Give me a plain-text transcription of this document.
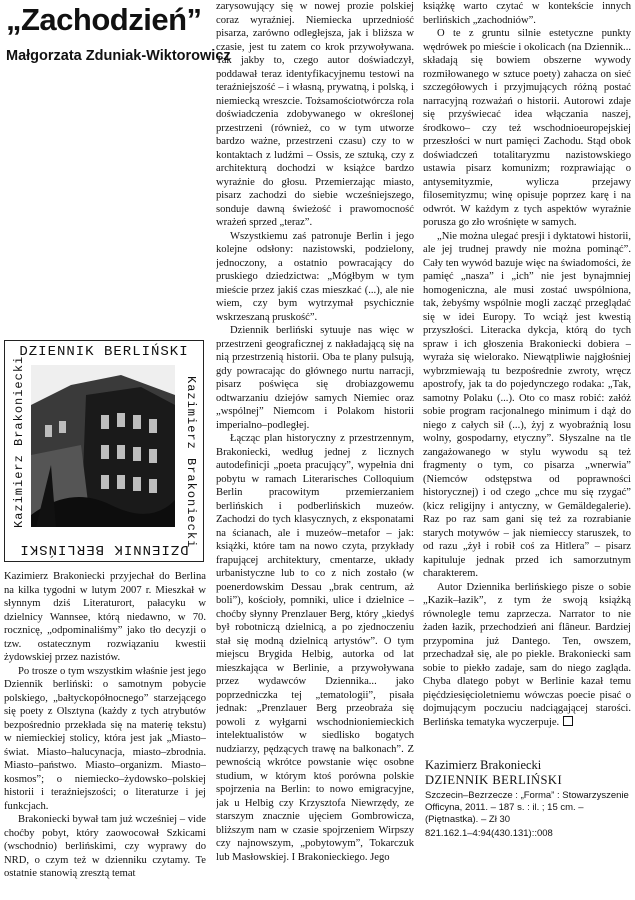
„Zachodzień”
Małgorzata Zduniak-Wiktorowicz
DZIENNIK BERLIŃSKI
Kazimierz Brakoniecki	Kazimierz Brakoniecki
DZIENNIK BERLIŃSKI

Kazimierz Brakoniecki przyjechał do Berlina na kilka tygodni w lutym 2007 r. Mieszkał w słynnym dziś Literaturort, pałacyku w dzielnicy Wannsee, którą niedawno, w 70. rocznicę, „odpominaliśmy” jako tło decyzji o tzw. ostatecznym rozwiązaniu kwestii żydowskiej przez nazistów.

Po trosze o tym wszystkim właśnie jest jego Dziennik berliński: o samotnym pobycie polskiego, „bałtyckopółnocnego” starzejącego się poety z Olsztyna (każdy z tych atrybutów bezpośrednio przekłada się na materię tekstu) w niemieckiej stolicy, która jest jak „Miasto–świat. Miasto–halucynacja, miasto–zbrodnia. Miasto–państwo. Miasto–organizm. Miasto–kosmos”; o niemiecko–żydowsko–polskiej historii i teraźniejszości; o literaturze i jej funkcjach.

Brakoniecki bywał tam już wcześniej – vide choćby pobyt, który zaowocował Szkicami (wschodnio) berlińskimi, czy wyprawy do NRD, o czym też w dzienniku czytamy. Te ostatnie stanowią zresztą temat

zarysowujący się w nowej prozie polskiej coraz wyraźniej. Niemiecka uprzedniość pisarza, zarówno odległejsza, jak i bliższa w czasie, jest tu zatem co krok przywoływana. Tak jakby to, czego autor doświadczył, poddawał teraz identyfikacyjnemu testowi na teraźniejszość – i własną, prywatną, i polską, i niemiecką wreszcie. Tożsamościotwórcza rola doświadczenia zdobywanego w określonej przestrzeni (również, co w tym utworze bardzo ważne, przestrzeni czasu) czy to w kontaktach z ludźmi – Ossis, ze sztuką, czy z architekturą dochodzi w książce bardzo wyraźnie do głosu. Przemierzając miasto, pisarz zachodzi do siebie wcześniejszego, sonduje dawną świeżość i prawomocność wrażeń sprzed „teraz”.

Wszystkiemu zaś patronuje Berlin i jego kolejne odsłony: nazistowski, podzielony, jednoczony, a ostatnio powracający do pruskiego dziedzictwa: „Mógłbym w tym mieście przez jakiś czas mieszkać (...), ale nie wiem, czy bym wytrzymał psychicznie wskrzeszaną pruskość”.

Dziennik berliński sytuuje nas więc w przestrzeni geograficznej z nakładającą się na nią przestrzenią historii. Oba te plany pulsują, gdy powracając do głównego nurtu narracji, pisarz poświęca się drobiazgowemu odtwarzaniu dziejów samych Niemiec oraz „wspólnej” Niemcom i Polakom historii imperialno–podległej.

Łącząc plan historyczny z przestrzennym, Brakoniecki, według jednej z licznych autodefinicji „poeta pracujący”, wypełnia dni pobytu w ramach Literarisches Colloquium Berlin pracowitym przemierzaniem berlińskich i podberlińskich muzeów. Zachodzi do tych klasycznych, z eksponatami na ścianach, ale i muzeów–metafor – jak: książki, które tam na nowo czyta, przykłady frapującej architektury, cmentarze, układy urbanistyczne lub to co z nich zostało (w poenerdowskim Dessau „brak centrum, aż boli”), kościoły, pomniki, ulice i dzielnice – choćby słynny Prenzlauer Berg, który „kiedyś był robotniczą dzielnicą, a po zjednoczeniu stał się modną dzielnicą artystów”. O tym miejscu Brygida Helbig, autorka od lat mieszkająca w Berlinie, a przywoływana przez wydawców Dziennika... jako poprzedniczka tej „tematologii”, pisała jednak: „Prenzlauer Berg przeobraża się powoli z wyłgarni wschodnioniemieckich intelektualistów w siedlisko bogatych nudziarzy, pędzących trawę na balkonach”. Z pewnością wkrótce powstanie więc osobne studium, w którym ktoś porówna polskie spojrzenia na Berlin: to nowo emigracyjne, jak u Helbig czy Krzysztofa Niewrzędy, ze starszym znacznie ujęciem Gombrowicza, bliższym nam w czasie spojrzeniem Wirpszy czy najnowszym, „pobytowym”, Tokarczuk lub Masłowskiej. I Brakonieckiego. Jego

książkę warto czytać w kontekście innych berlińskich „zachodniów”.

O te z gruntu silnie estetyczne punkty wędrówek po mieście i okolicach (na Dziennik... składają się bowiem obszerne wywody rozmiłowanego w sztuce poety) zahacza on sieć szczegółowych i przyjmujących różną postać narracyjną rozważań o historii. Autorowi zdaje się przyświecać idea włączania naszej, środkowo– czy też wschodnioeuropejskiej przeszłości w nurt pamięci Zachodu. Stąd obok doświadczeń totalitaryzmu nazistowskiego ustawia pisarz komunizm; rozprawiając o antysemityzmie, wylicza przejawy filosemityzmu; winę opisuje poprzez karę i na odwrót. W każdym z tych aspektów wyraźnie porusza go zło wrośnięte w samych.

„Nie można ulegać presji i dyktatowi historii, ale jej trudnej prawdy nie można pominąć”. Cały ten wywód bazuje więc na świadomości, że pamięć „nasza” i „ich” nie jest bynajmniej homogeniczna, ale musi zostać uwspólniona, tak, żebyśmy wspólnie mogli zacząć przeglądać się w idei Europy. To wciąż jest kwestią przyszłości. Literacka dykcja, którą do tych spraw i ich głoszenia Brakoniecki dobiera – wyraża się wielorako. Niewątpliwie najgłośniej wybrzmiewają tu bezpośrednie zwroty, wręcz apostrofy, jak ta do pojedynczego rodaka: „Tak, samotny Polaku (...). Oto co masz robić: załóż sobie program racjonalnego minimum i dąż do niego z całych sił (...), żyj z wyobraźnią losu wolny, gospodarny, etyczny”. Słyszalne na tle zangażowanego w stylu wywodu są też fragmenty o tym, co pisarza „wnerwia” (Niemców odstępstwa od poprawności historycznej) i od czego „chce mu się rzygać” (kicz religijny i antyczny, w Gemäldegalerie). Raz po raz sam gani się też za rozrabianie starych motywów – jak niemieccy staruszek, to od razu „żył i robił coś za Hitlera” – pisarz kapituluje jednak przed ich samorzutnym charakterem.

Autor Dziennika berlińskiego pisze o sobie „Kazik–łazik”, z tym że swoją książką równolegle temu zaprzecza. Narrator to nie żaden łazik, przechodzień ani flâneur. Bardziej przypomina już Dantego. Ten, owszem, przechadzał się, ale po piekle. Brakoniecki sam sobie to piekło zadaje, sam do niego zagląda. Chyba dlatego pobyt w Berlinie kazał temu pięćdziesięcioletniemu wówczas poecie pisać o dojmującym poczuciu nadciągającej starości. Berlińska tematyka wyczerpuje.

Kazimierz Brakoniecki
DZIENNIK BERLIŃSKI
Szczecin–Bezrzecze : „Forma” : Stowarzyszenie Officyna, 2011. – 187 s. : il. ; 15 cm. – (Piętnastka). – Zł 30
821.162.1–4:94(430.131)::008
